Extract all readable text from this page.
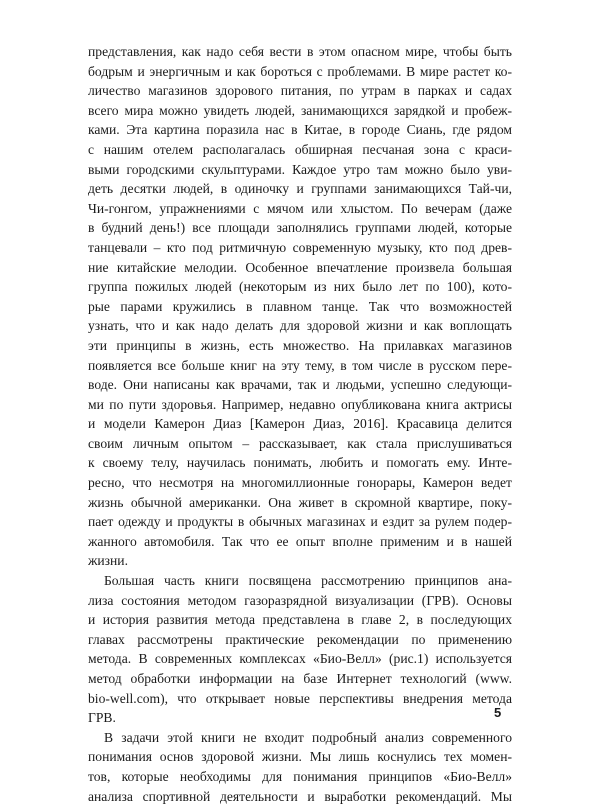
представления, как надо себя вести в этом опасном мире, чтобы быть
бодрым и энергичным и как бороться с проблемами. В мире растет ко-
личество магазинов здорового питания, по утрам в парках и садах
всего мира можно увидеть людей, занимающихся зарядкой и пробеж-
ками. Эта картина поразила нас в Китае, в городе Сиань, где рядом
с нашим отелем располагалась обширная песчаная зона с краси-
выми городскими скульптурами. Каждое утро там можно было уви-
деть десятки людей, в одиночку и группами занимающихся Тай-чи,
Чи-гонгом, упражнениями с мячом или хлыстом. По вечерам (даже
в будний день!) все площади заполнялись группами людей, которые
танцевали – кто под ритмичную современную музыку, кто под древ-
ние китайские мелодии. Особенное впечатление произвела большая
группа пожилых людей (некоторым из них было лет по 100), кото-
рые парами кружились в плавном танце. Так что возможностей
узнать, что и как надо делать для здоровой жизни и как воплощать
эти принципы в жизнь, есть множество. На прилавках магазинов
появляется все больше книг на эту тему, в том числе в русском пере-
воде. Они написаны как врачами, так и людьми, успешно следующи-
ми по пути здоровья. Например, недавно опубликована книга актрисы
и модели Камерон Диаз [Камерон Диаз, 2016]. Красавица делится
своим личным опытом – рассказывает, как стала прислушиваться
к своему телу, научилась понимать, любить и помогать ему. Инте-
ресно, что несмотря на многомиллионные гонорары, Камерон ведет
жизнь обычной американки. Она живет в скромной квартире, поку-
пает одежду и продукты в обычных магазинах и ездит за рулем подер-
жанного автомобиля. Так что ее опыт вполне применим и в нашей
жизни.
Большая часть книги посвящена рассмотрению принципов ана-
лиза состояния методом газоразрядной визуализации (ГРВ). Основы
и история развития метода представлена в главе 2, в последующих
главах рассмотрены практические рекомендации по применению
метода. В современных комплексах «Био-Велл» (рис.1) используется
метод обработки информации на базе Интернет технологий (www.
bio-well.com), что открывает новые перспективы внедрения метода
ГРВ.
В задачи этой книги не входит подробный анализ современного
понимания основ здоровой жизни. Мы лишь коснулись тех момен-
тов, которые необходимы для понимания принципов «Био-Велл»
анализа спортивной деятельности и выработки рекомендаций. Мы
5
